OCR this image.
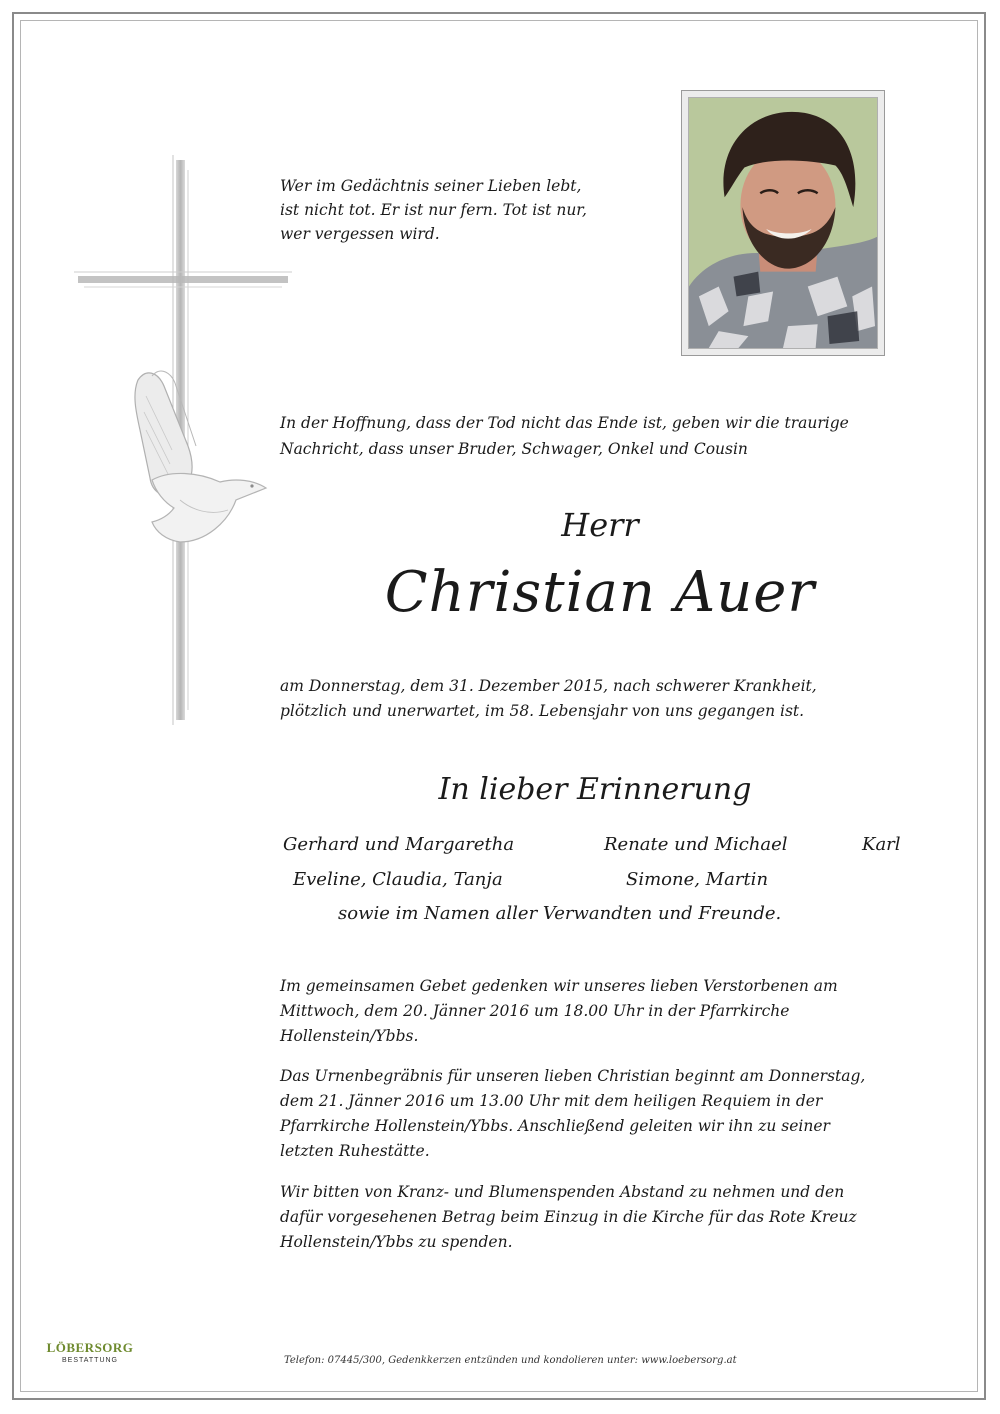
Wer im Gedächtnis seiner Lieben lebt,
ist nicht tot. Er ist nur fern. Tot ist nur,
wer vergessen wird.
In der Hoffnung, dass der Tod nicht das Ende ist, geben wir die traurige
Nachricht, dass unser Bruder, Schwager, Onkel und Cousin
Herr
Christian Auer
am Donnerstag, dem 31. Dezember 2015, nach schwerer Krankheit,
plötzlich und unerwartet, im 58. Lebensjahr von uns gegangen ist.
In lieber Erinnerung
Gerhard und Margaretha
Eveline, Claudia, Tanja
Renate und Michael
Simone, Martin
Karl
sowie im Namen aller Verwandten und Freunde.
Im gemeinsamen Gebet gedenken wir unseres lieben Verstorbenen am
Mittwoch, dem 20. Jänner 2016 um 18.00 Uhr in der Pfarrkirche
Hollenstein/Ybbs.
Das Urnenbegräbnis für unseren lieben Christian beginnt am Donnerstag,
dem 21. Jänner 2016 um 13.00 Uhr mit dem heiligen Requiem in der
Pfarrkirche Hollenstein/Ybbs. Anschließend geleiten wir ihn zu seiner
letzten Ruhestätte.
Wir bitten von Kranz- und Blumenspenden Abstand zu nehmen und den
dafür vorgesehenen Betrag beim Einzug in die Kirche für das Rote Kreuz
Hollenstein/Ybbs zu spenden.
LÖBERSORG
BESTATTUNG	Telefon: 07445/300, Gedenkkerzen entzünden und kondolieren unter: www.loebersorg.at
